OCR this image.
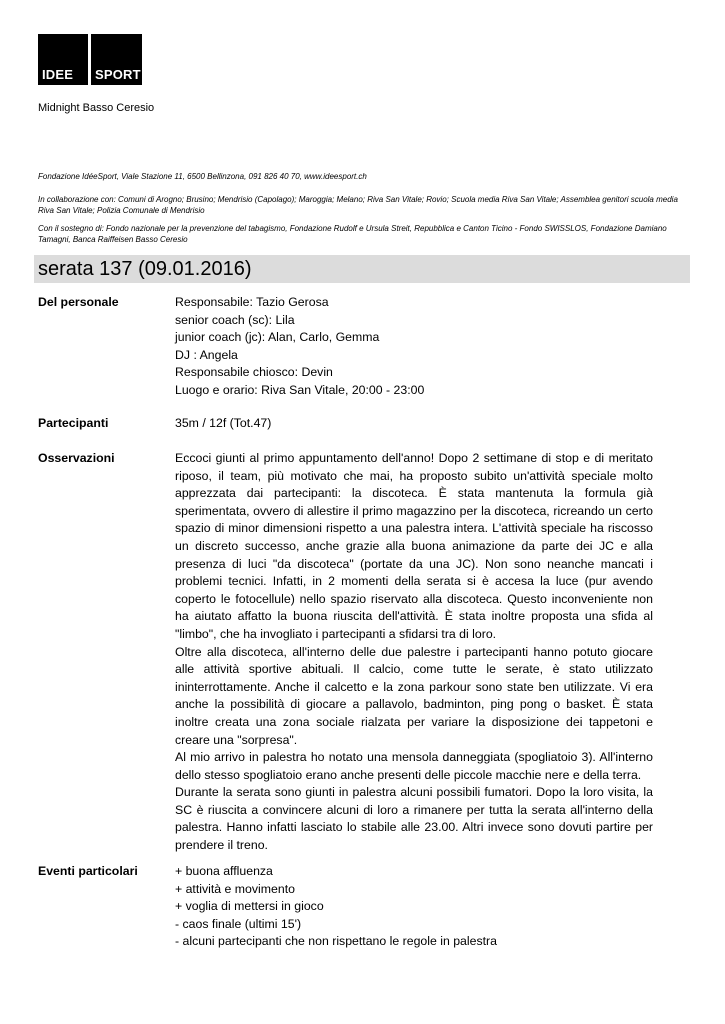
IDEE	SPORT
Midnight Basso Ceresio
Fondazione IdéeSport, Viale Stazione 11, 6500 Bellinzona, 091 826 40 70, www.ideesport.ch
In collaborazione con: Comuni di Arogno; Brusino; Mendrisio (Capolago); Maroggia; Melano; Riva San Vitale; Rovio; Scuola media Riva San Vitale; Assemblea genitori scuola media Riva San Vitale; Polizia Comunale di Mendrisio
Con il sostegno di: Fondo nazionale per la prevenzione del tabagismo, Fondazione Rudolf e Ursula Streit, Repubblica e Canton Ticino - Fondo SWISSLOS, Fondazione Damiano Tamagni, Banca Raiffeisen Basso Ceresio
serata 137 (09.01.2016)
Del personale	Responsabile: Tazio Gerosa
senior coach (sc): Lila
junior coach (jc): Alan, Carlo, Gemma
DJ : Angela
Responsabile chiosco: Devin
Luogo e orario: Riva San Vitale, 20:00 - 23:00
Partecipanti	35m / 12f (Tot.47)
Osservazioni	Eccoci giunti al primo appuntamento dell'anno! Dopo 2 settimane di stop e di meritato riposo, il team, più motivato che mai, ha proposto subito un'attività speciale molto apprezzata dai partecipanti: la discoteca. È stata mantenuta la formula già sperimentata, ovvero di allestire il primo magazzino per la discoteca, ricreando un certo spazio di minor dimensioni rispetto a una palestra intera. L'attività speciale ha riscosso un discreto successo, anche grazie alla buona animazione da parte dei JC e alla presenza di luci "da discoteca" (portate da una JC). Non sono neanche mancati i problemi tecnici. Infatti, in 2 momenti della serata si è accesa la luce (pur avendo coperto le fotocellule) nello spazio riservato alla discoteca. Questo inconveniente non ha aiutato affatto la buona riuscita dell'attività. È stata inoltre proposta una sfida al "limbo", che ha invogliato i partecipanti a sfidarsi tra di loro.

Oltre alla discoteca, all'interno delle due palestre i partecipanti hanno potuto giocare alle attività sportive abituali. Il calcio, come tutte le serate, è stato utilizzato ininterrottamente. Anche il calcetto e la zona parkour sono state ben utilizzate. Vi era anche la possibilità di giocare a pallavolo, badminton, ping pong o basket. È stata inoltre creata una zona sociale rialzata per variare la disposizione dei tappetoni e creare una "sorpresa".

Al mio arrivo in palestra ho notato una mensola danneggiata (spogliatoio 3). All'interno dello stesso spogliatoio erano anche presenti delle piccole macchie nere e della terra.

Durante la serata sono giunti in palestra alcuni possibili fumatori. Dopo la loro visita, la SC è riuscita a convincere alcuni di loro a rimanere per tutta la serata all'interno della palestra. Hanno infatti lasciato lo stabile alle 23.00. Altri invece sono dovuti partire per prendere il treno.

Eventi particolari	+ buona affluenza
+ attività e movimento
+ voglia di mettersi in gioco
- caos finale (ultimi 15')
- alcuni partecipanti che non rispettano le regole in palestra
